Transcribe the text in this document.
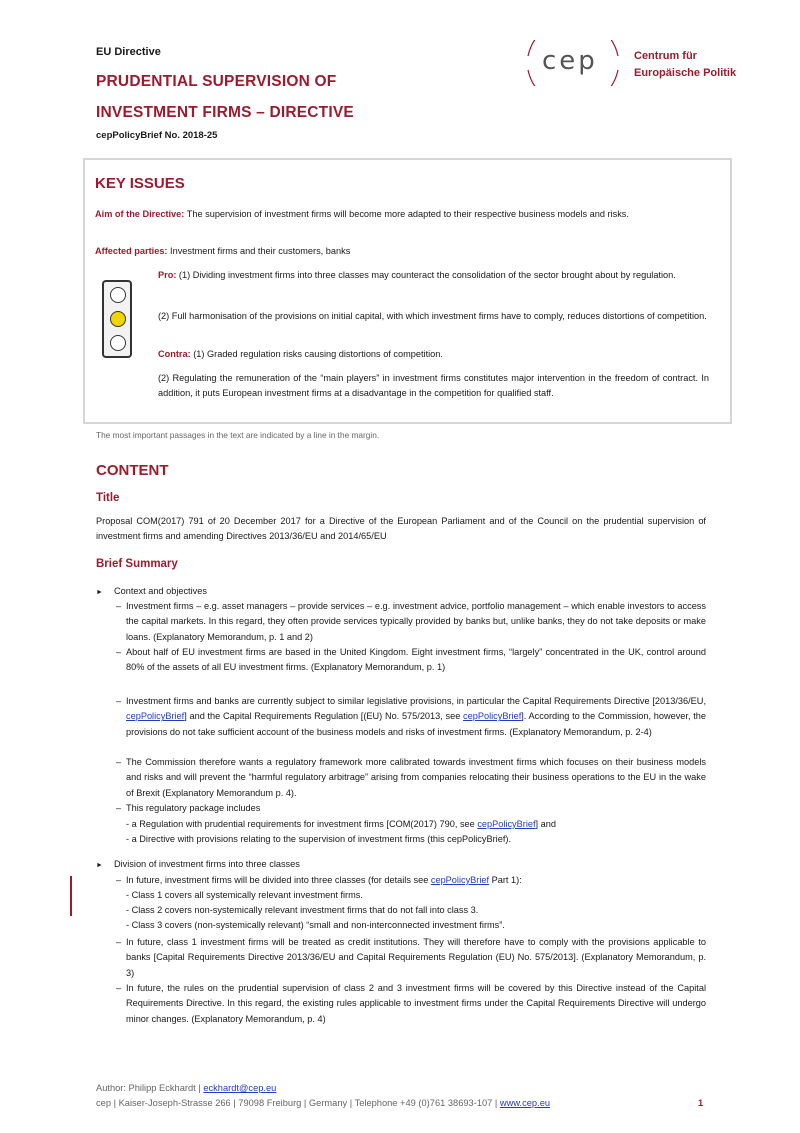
EU Directive
PRUDENTIAL SUPERVISION OF
INVESTMENT FIRMS – DIRECTIVE
cepPolicyBrief No. 2018-25
cep	Centrum für
Europäische Politik
KEY ISSUES
Aim of the Directive: The supervision of investment firms will become more adapted to their respective business models and risks.
Affected parties: Investment firms and their customers, banks
Pro: (1) Dividing investment firms into three classes may counteract the consolidation of the sector brought about by regulation.
(2) Full harmonisation of the provisions on initial capital, with which investment firms have to comply, reduces distortions of competition.
Contra: (1) Graded regulation risks causing distortions of competition.
(2) Regulating the remuneration of the “main players” in investment firms constitutes major intervention in the freedom of contract. In addition, it puts European investment firms at a disadvantage in the competition for qualified staff.
The most important passages in the text are indicated by a line in the margin.
CONTENT
Title
Proposal COM(2017) 791 of 20 December 2017 for a Directive of the European Parliament and of the Council on the prudential supervision of investment firms and amending Directives 2013/36/EU and 2014/65/EU
Brief Summary
► Context and objectives
– Investment firms – e.g. asset managers – provide services – e.g. investment advice, portfolio management – which enable investors to access the capital markets. In this regard, they often provide services typically provided by banks but, unlike banks, they do not take deposits or make loans. (Explanatory Memorandum, p. 1 and 2)
– About half of EU investment firms are based in the United Kingdom. Eight investment firms, “largely” concentrated in the UK, control around 80% of the assets of all EU investment firms. (Explanatory Memorandum, p. 1)
– Investment firms and banks are currently subject to similar legislative provisions, in particular the Capital Requirements Directive [2013/36/EU, cepPolicyBrief] and the Capital Requirements Regulation [(EU) No. 575/2013, see cepPolicyBrief]. According to the Commission, however, the provisions do not take sufficient account of the business models and risks of investment firms. (Explanatory Memorandum, p. 2-4)
– The Commission therefore wants a regulatory framework more calibrated towards investment firms which focuses on their business models and risks and will prevent the “harmful regulatory arbitrage” arising from companies relocating their business operations to the EU in the wake of Brexit (Explanatory Memorandum p. 4).
– This regulatory package includes
- a Regulation with prudential requirements for investment firms [COM(2017) 790, see cepPolicyBrief] and
- a Directive with provisions relating to the supervision of investment firms (this cepPolicyBrief).
► Division of investment firms into three classes
– In future, investment firms will be divided into three classes (for details see cepPolicyBrief Part 1):
- Class 1 covers all systemically relevant investment firms.
- Class 2 covers non-systemically relevant investment firms that do not fall into class 3.
- Class 3 covers (non-systemically relevant) “small and non-interconnected investment firms”.
– In future, class 1 investment firms will be treated as credit institutions. They will therefore have to comply with the provisions applicable to banks [Capital Requirements Directive 2013/36/EU and Capital Requirements Regulation (EU) No. 575/2013]. (Explanatory Memorandum, p. 3)
– In future, the rules on the prudential supervision of class 2 and 3 investment firms will be covered by this Directive instead of the Capital Requirements Directive. In this regard, the existing rules applicable to investment firms under the Capital Requirements Directive will undergo minor changes. (Explanatory Memorandum, p. 4)
Author: Philipp Eckhardt | eckhardt@cep.eu
cep | Kaiser-Joseph-Strasse 266 | 79098 Freiburg | Germany | Telephone +49 (0)761 38693-107 | www.cep.eu	1
